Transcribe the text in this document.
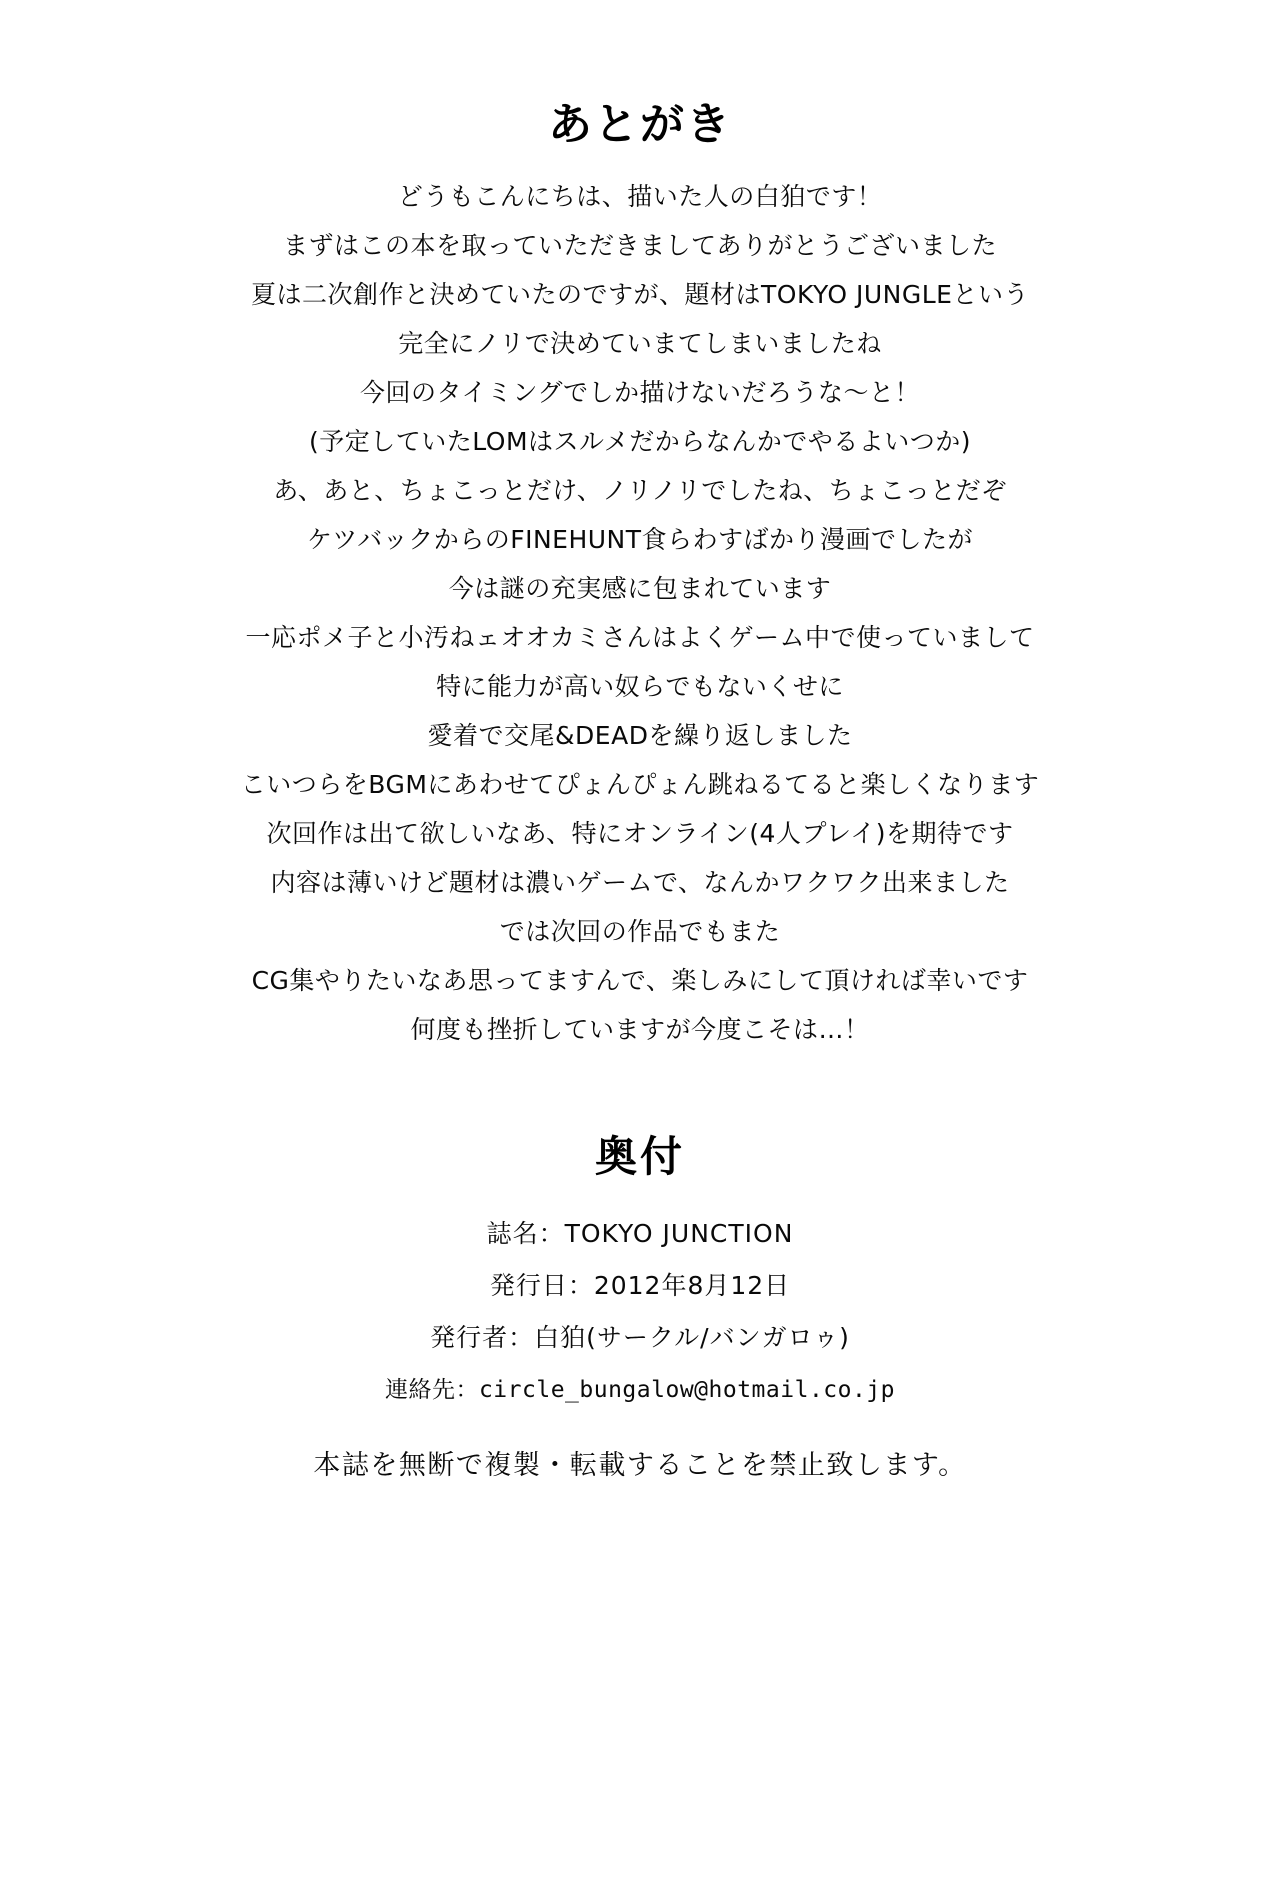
あとがき
どうもこんにちは、描いた人の白狛です！
まずはこの本を取っていただきましてありがとうございました
夏は二次創作と決めていたのですが、題材はTOKYO JUNGLEという
完全にノリで決めていまてしまいましたね
今回のタイミングでしか描けないだろうな〜と！
(予定していたLOMはスルメだからなんかでやるよいつか)
あ、あと、ちょこっとだけ、ノリノリでしたね、ちょこっとだぞ
ケツバックからのFINEHUNT食らわすばかり漫画でしたが
今は謎の充実感に包まれています
一応ポメ子と小汚ねェオオカミさんはよくゲーム中で使っていまして
特に能力が高い奴らでもないくせに
愛着で交尾&DEADを繰り返しました
こいつらをBGMにあわせてぴょんぴょん跳ねるてると楽しくなります
次回作は出て欲しいなあ、特にオンライン(4人プレイ)を期待です
内容は薄いけど題材は濃いゲームで、なんかワクワク出来ました
では次回の作品でもまた
CG集やりたいなあ思ってますんで、楽しみにして頂ければ幸いです
何度も挫折していますが今度こそは…！
奥付
誌名：TOKYO JUNCTION
発行日：2012年8月12日
発行者：白狛(サークル/バンガロゥ)
連絡先：circle_bungalow@hotmail.co.jp
本誌を無断で複製・転載することを禁止致します。
